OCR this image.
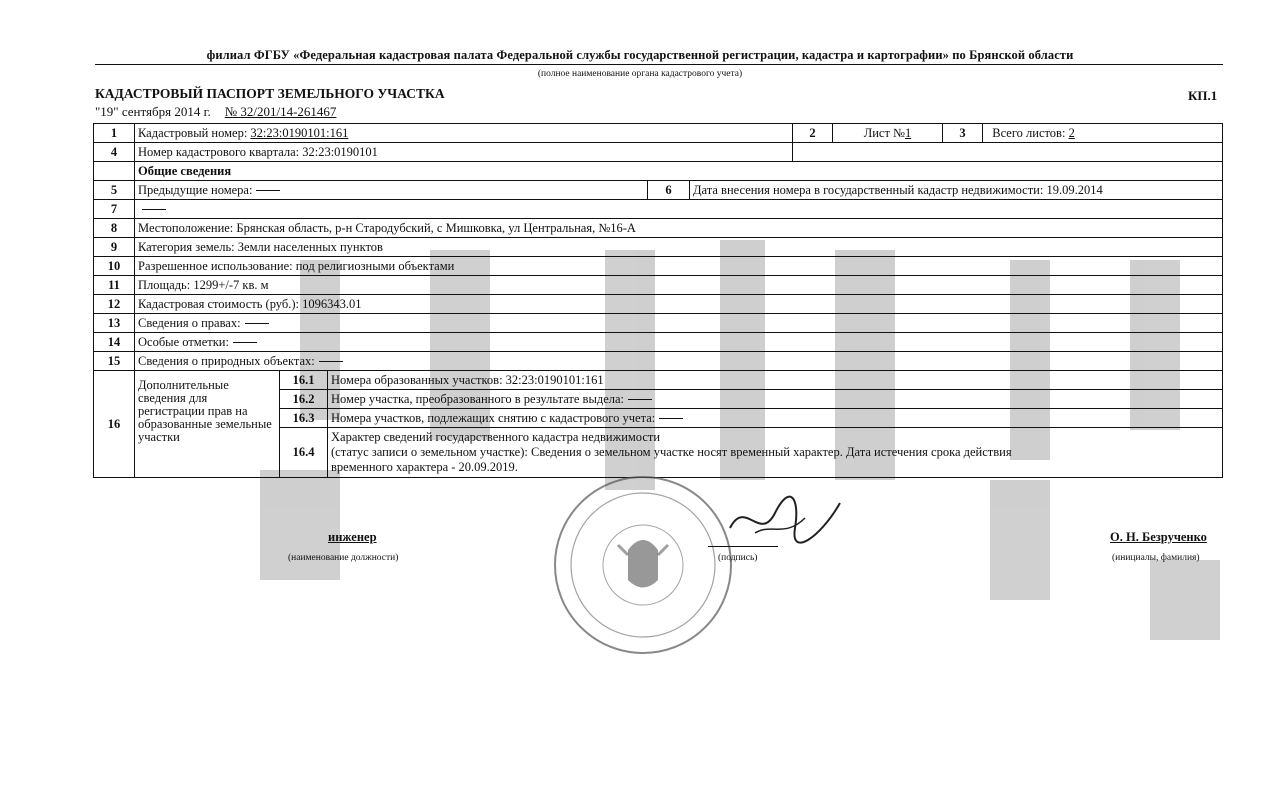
филиал ФГБУ «Федеральная кадастровая палата Федеральной службы государственной регистрации, кадастра и картографии» по Брянской области
(полное наименование органа кадастрового учета)
КАДАСТРОВЫЙ ПАСПОРТ ЗЕМЕЛЬНОГО УЧАСТКА	КП.1
"19" сентября 2014 г. № 32/201/14-261467
1	Кадастровый номер: 32:23:0190101:161					2	Лист №1	3	Всего листов: 2
4	Номер кадастрового квартала: 32:23:0190101								
	Общие сведения								
5	Предыдущие номера:			6	Дата внесения номера в государственный кадастр недвижимости: 19.09.2014				
7									
8	Местоположение: Брянская область, р-н Стародубский, с Мишковка, ул Центральная, №16-А								
9	Категория земель: Земли населенных пунктов								
10	Разрешенное использование: под религиозными объектами								
11	Площадь: 1299+/-7 кв. м								
12	Кадастровая стоимость (руб.): 1096343.01								
13	Сведения о правах:								
14	Особые отметки:								
15	Сведения о природных объектах:								
16	Дополнительные сведения для регистрации прав на образованные земельные участки	16.1	Номера образованных участков: 32:23:0190101:161						
		16.2	Номер участка, преобразованного в результате выдела:						
		16.3	Номера участков, подлежащих снятию с кадастрового учета:						
		16.4	Характер сведений государственного кадастра недвижимости
(статус записи о земельном участке): Сведения о земельном участке носят временный характер. Дата истечения срока действия
временного характера - 20.09.2019.						
инженер
(наименование должности)	(подпись)
О. Н. Безрученко
(инициалы, фамилия)
